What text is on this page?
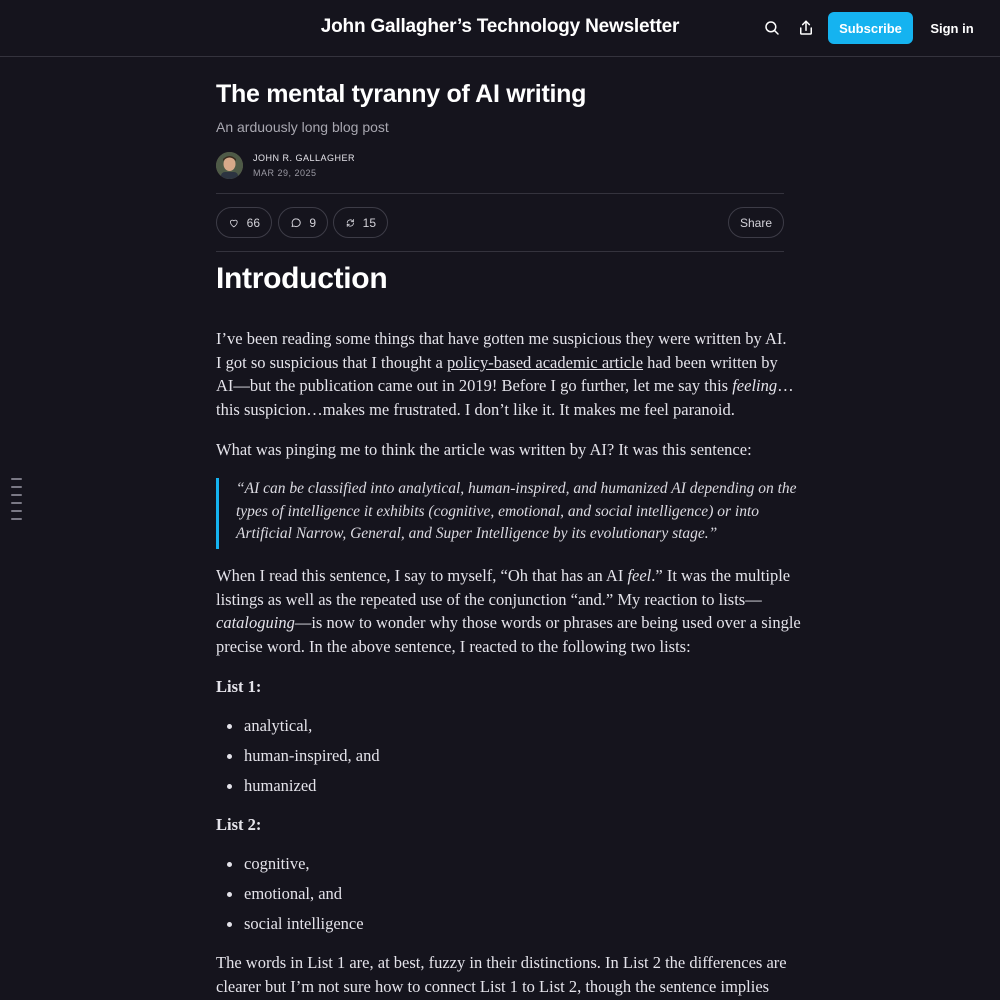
John Gallagher’s Technology Newsletter	Subscribe	Sign in
The mental tyranny of AI writing
An arduously long blog post
JOHN R. GALLAGHER
MAR 29, 2025
66	9	15	Share
Introduction
I’ve been reading some things that have gotten me suspicious they were written by AI.
I got so suspicious that I thought a policy-based academic article had been written by
AI—but the publication came out in 2019! Before I go further, let me say this feeling…
this suspicion…makes me frustrated. I don’t like it. It makes me feel paranoid.
What was pinging me to think the article was written by AI? It was this sentence:
“AI can be classified into analytical, human-inspired, and humanized AI depending on the
types of intelligence it exhibits (cognitive, emotional, and social intelligence) or into
Artificial Narrow, General, and Super Intelligence by its evolutionary stage.”
When I read this sentence, I say to myself, “Oh that has an AI feel.” It was the multiple
listings as well as the repeated use of the conjunction “and.” My reaction to lists—
cataloguing—is now to wonder why those words or phrases are being used over a single
precise word. In the above sentence, I reacted to the following two lists:
List 1:
analytical,
human-inspired, and
humanized
List 2:
cognitive,
emotional, and
social intelligence
The words in List 1 are, at best, fuzzy in their distinctions. In List 2 the differences are
clearer but I’m not sure how to connect List 1 to List 2, though the sentence implies
